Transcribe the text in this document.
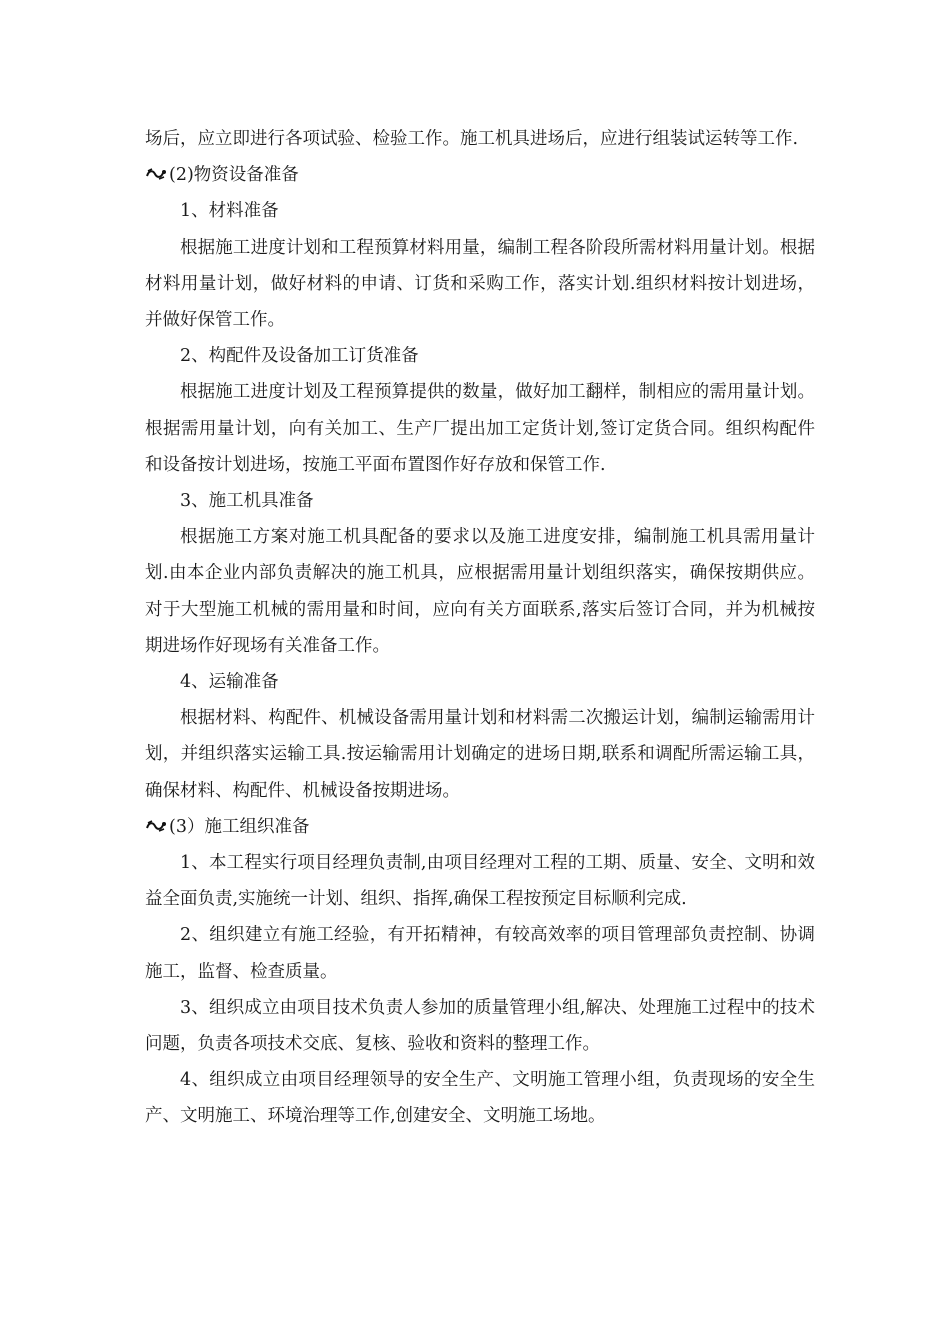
场后，应立即进行各项试验、检验工作。施工机具进场后，应进行组装试运转等工作.

(2)物资设备准备

1、材料准备

根据施工进度计划和工程预算材料用量，编制工程各阶段所需材料用量计划。根据材料用量计划，做好材料的申请、订货和采购工作，落实计划.组织材料按计划进场，并做好保管工作。

2、构配件及设备加工订货准备

根据施工进度计划及工程预算提供的数量，做好加工翻样，制相应的需用量计划。根据需用量计划，向有关加工、生产厂提出加工定货计划,签订定货合同。组织构配件和设备按计划进场，按施工平面布置图作好存放和保管工作.

3、施工机具准备

根据施工方案对施工机具配备的要求以及施工进度安排，编制施工机具需用量计划.由本企业内部负责解决的施工机具，应根据需用量计划组织落实，确保按期供应。对于大型施工机械的需用量和时间，应向有关方面联系,落实后签订合同，并为机械按期进场作好现场有关准备工作。

4、运输准备

根据材料、构配件、机械设备需用量计划和材料需二次搬运计划，编制运输需用计划，并组织落实运输工具.按运输需用计划确定的进场日期,联系和调配所需运输工具，确保材料、构配件、机械设备按期进场。

(3）施工组织准备

1、本工程实行项目经理负责制,由项目经理对工程的工期、质量、安全、文明和效益全面负责,实施统一计划、组织、指挥,确保工程按预定目标顺利完成.

2、组织建立有施工经验，有开拓精神，有较高效率的项目管理部负责控制、协调施工，监督、检查质量。

3、组织成立由项目技术负责人参加的质量管理小组,解决、处理施工过程中的技术问题，负责各项技术交底、复核、验收和资料的整理工作。

4、组织成立由项目经理领导的安全生产、文明施工管理小组，负责现场的安全生产、文明施工、环境治理等工作,创建安全、文明施工场地。
